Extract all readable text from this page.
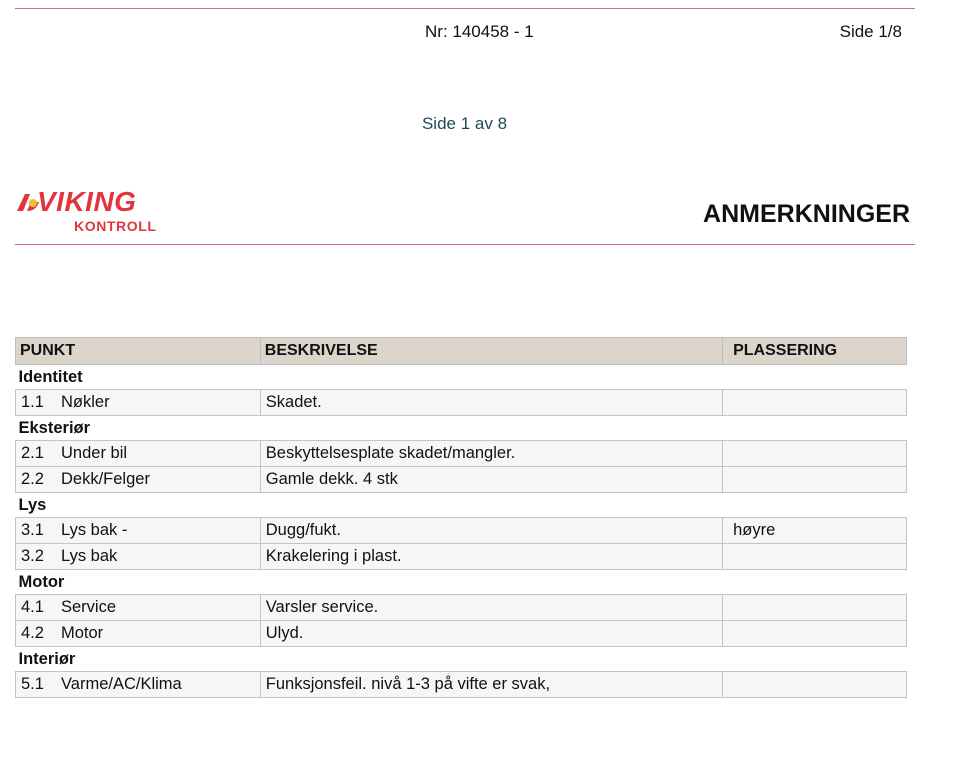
Nr: 140458 - 1	Side 1/8
Side 1 av 8
VIKING
KONTROLL	ANMERKNINGER
PUNKT	BESKRIVELSE	PLASSERING
Identitet		
1.1 Nøkler	Skadet.	
Eksteriør		
2.1 Under bil	Beskyttelsesplate skadet/mangler.	
2.2 Dekk/Felger	Gamle dekk. 4 stk	
Lys		
3.1 Lys bak -	Dugg/fukt.	høyre
3.2 Lys bak	Krakelering i plast.	
Motor		
4.1 Service	Varsler service.	
4.2 Motor	Ulyd.	
Interiør		
5.1 Varme/AC/Klima	Funksjonsfeil. nivå 1-3 på vifte er svak,	
